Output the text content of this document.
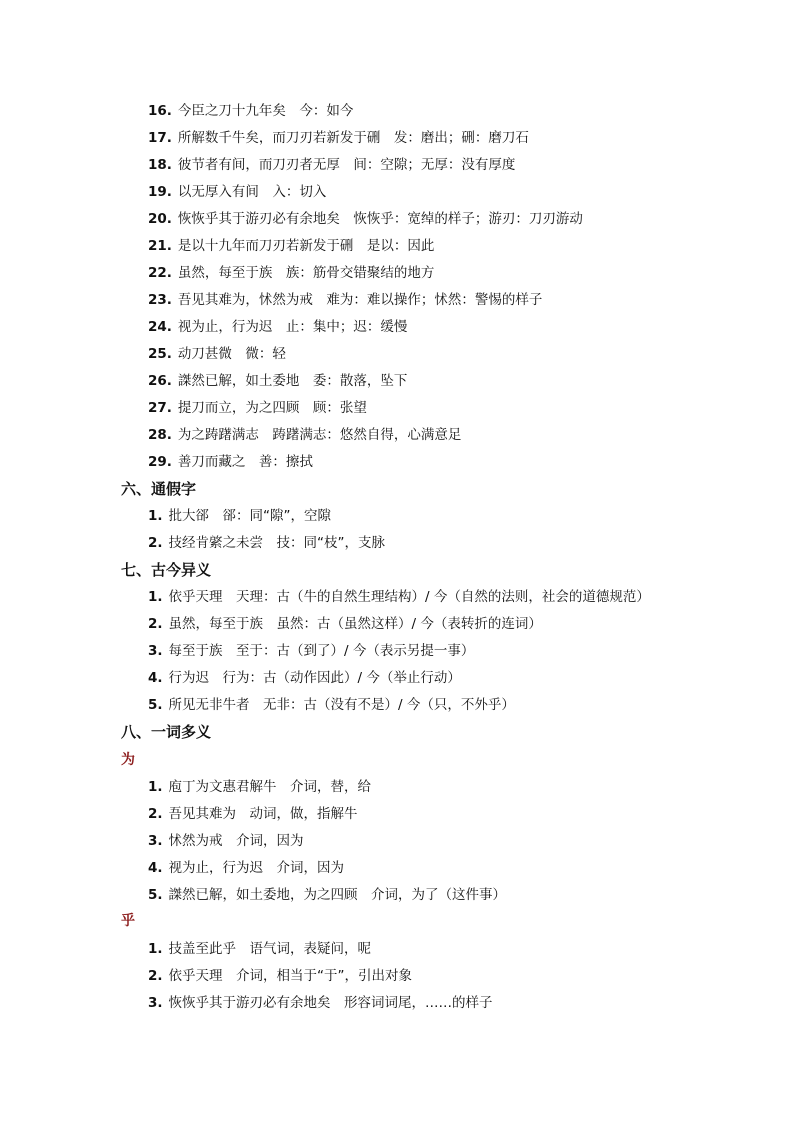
16. 今臣之刀十九年矣　今：如今
17. 所解数千牛矣，而刀刃若新发于硎　发：磨出；硎：磨刀石
18. 彼节者有间，而刀刃者无厚　间：空隙；无厚：没有厚度
19. 以无厚入有间　入：切入
20. 恢恢乎其于游刃必有余地矣　恢恢乎：宽绰的样子；游刃：刀刃游动
21. 是以十九年而刀刃若新发于硎　是以：因此
22. 虽然，每至于族　族：筋骨交错聚结的地方
23. 吾见其难为，怵然为戒　难为：难以操作；怵然：警惕的样子
24. 视为止，行为迟　止：集中；迟：缓慢
25. 动刀甚微　微：轻
26. 謋然已解，如土委地　委：散落，坠下
27. 提刀而立，为之四顾　顾：张望
28. 为之踌躇满志　踌躇满志：悠然自得，心满意足
29. 善刀而藏之　善：擦拭
六、通假字
1. 批大郤　郤：同“隙”，空隙
2. 技经肯綮之未尝　技：同“枝”，支脉
七、古今异义
1. 依乎天理　天理：古（牛的自然生理结构）/ 今（自然的法则，社会的道德规范）
2. 虽然，每至于族　虽然：古（虽然这样）/ 今（表转折的连词）
3. 每至于族　至于：古（到了）/ 今（表示另提一事）
4. 行为迟　行为：古（动作因此）/ 今（举止行动）
5. 所见无非牛者　无非：古（没有不是）/ 今（只，不外乎）
八、一词多义
为
1. 庖丁为文惠君解牛　介词，替，给
2. 吾见其难为　动词，做，指解牛
3. 怵然为戒　介词，因为
4. 视为止，行为迟　介词，因为
5. 謋然已解，如土委地，为之四顾　介词，为了（这件事）
乎
1. 技盖至此乎　语气词，表疑问，呢
2. 依乎天理　介词，相当于“于”，引出对象
3. 恢恢乎其于游刃必有余地矣　形容词词尾，……的样子
